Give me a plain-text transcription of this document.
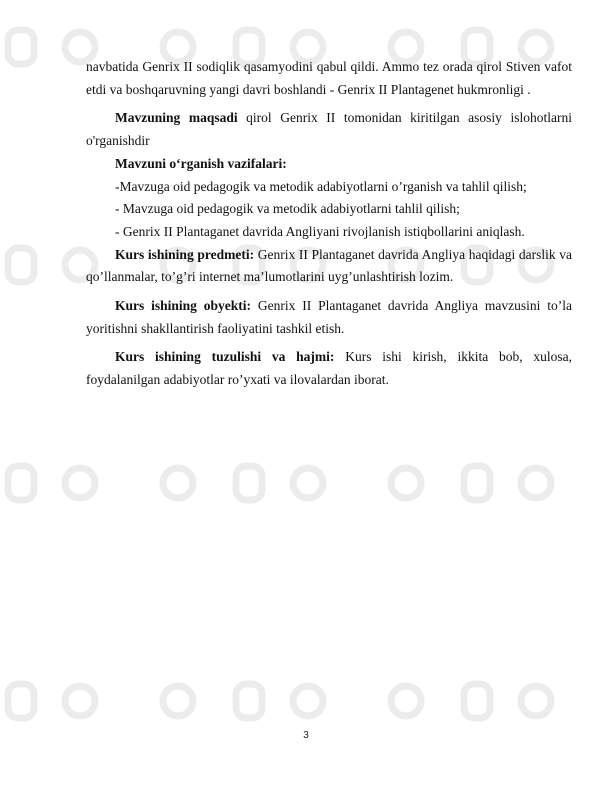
navbatida Genrix II sodiqlik qasamyodini qabul qildi. Ammo tez orada qirol Stiven vafot etdi va boshqaruvning yangi davri boshlandi - Genrix II Plantagenet hukmronligi .

Mavzuning maqsadi qirol Genrix II tomonidan kiritilgan asosiy islohotlarni o'rganishdir

Mavzuni o‘rganish vazifalari:

-Mavzuga oid pedagogik va metodik adabiyotlarni o’rganish va tahlil qilish;

- Mavzuga oid pedagogik va metodik adabiyotlarni tahlil qilish;

- Genrix II Plantaganet davrida Angliyani rivojlanish istiqbollarini aniqlash.

Kurs ishining predmeti: Genrix II Plantaganet davrida Angliya haqidagi darslik va qo’llanmalar, to’g’ri internet ma’lumotlarini uyg’unlashtirish lozim.

Kurs ishining obyekti: Genrix II Plantaganet davrida Angliya mavzusini to’la yoritishni shakllantirish faoliyatini tashkil etish.

Kurs ishining tuzulishi va hajmi: Kurs ishi kirish, ikkita bob, xulosa, foydalanilgan adabiyotlar ro’yxati va ilovalardan iborat.

3
